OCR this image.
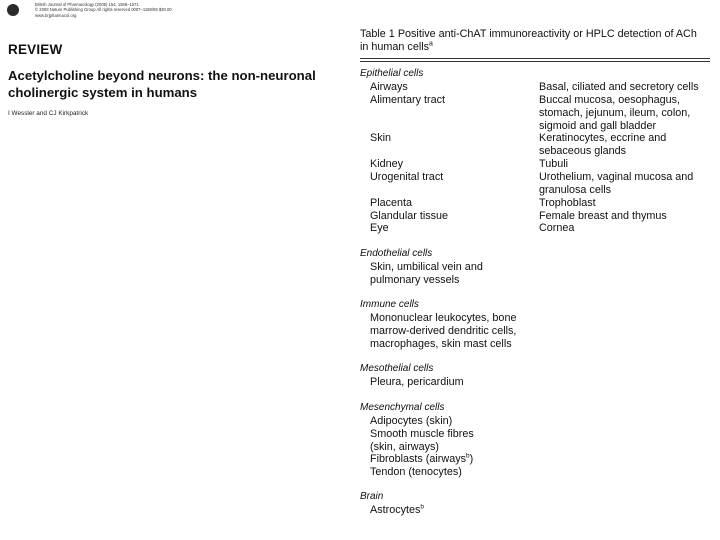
British Journal of Pharmacology (2008) 154, 1558–1571
© 2008 Nature Publishing Group All rights reserved 0007–1188/08 $30.00
www.brjpharmacol.org
REVIEW
Acetylcholine beyond neurons: the non-neuronal cholinergic system in humans
I Wessler and CJ Kirkpatrick
Table 1 Positive anti-ChAT immunoreactivity or HPLC detection of ACh
in human cells$^a$
Epithelial cells
Airways	Basal, ciliated and secretory cells
Alimentary tract	Buccal mucosa, oesophagus, stomach, jejunum, ileum, colon, sigmoid and gall bladder
Skin	Keratinocytes, eccrine and sebaceous glands
Kidney	Tubuli
Urogenital tract	Urothelium, vaginal mucosa and granulosa cells
Placenta	Trophoblast
Glandular tissue	Female breast and thymus
Eye	Cornea
Endothelial cells
Skin, umbilical vein and pulmonary vessels
Immune cells
Mononuclear leukocytes, bone marrow-derived dendritic cells, macrophages, skin mast cells
Mesothelial cells
Pleura, pericardium
Mesenchymal cells
Adipocytes (skin)
Smooth muscle fibres (skin, airways)
Fibroblasts (airways$^b$)
Tendon (tenocytes)
Brain
Astrocytes$^b$
